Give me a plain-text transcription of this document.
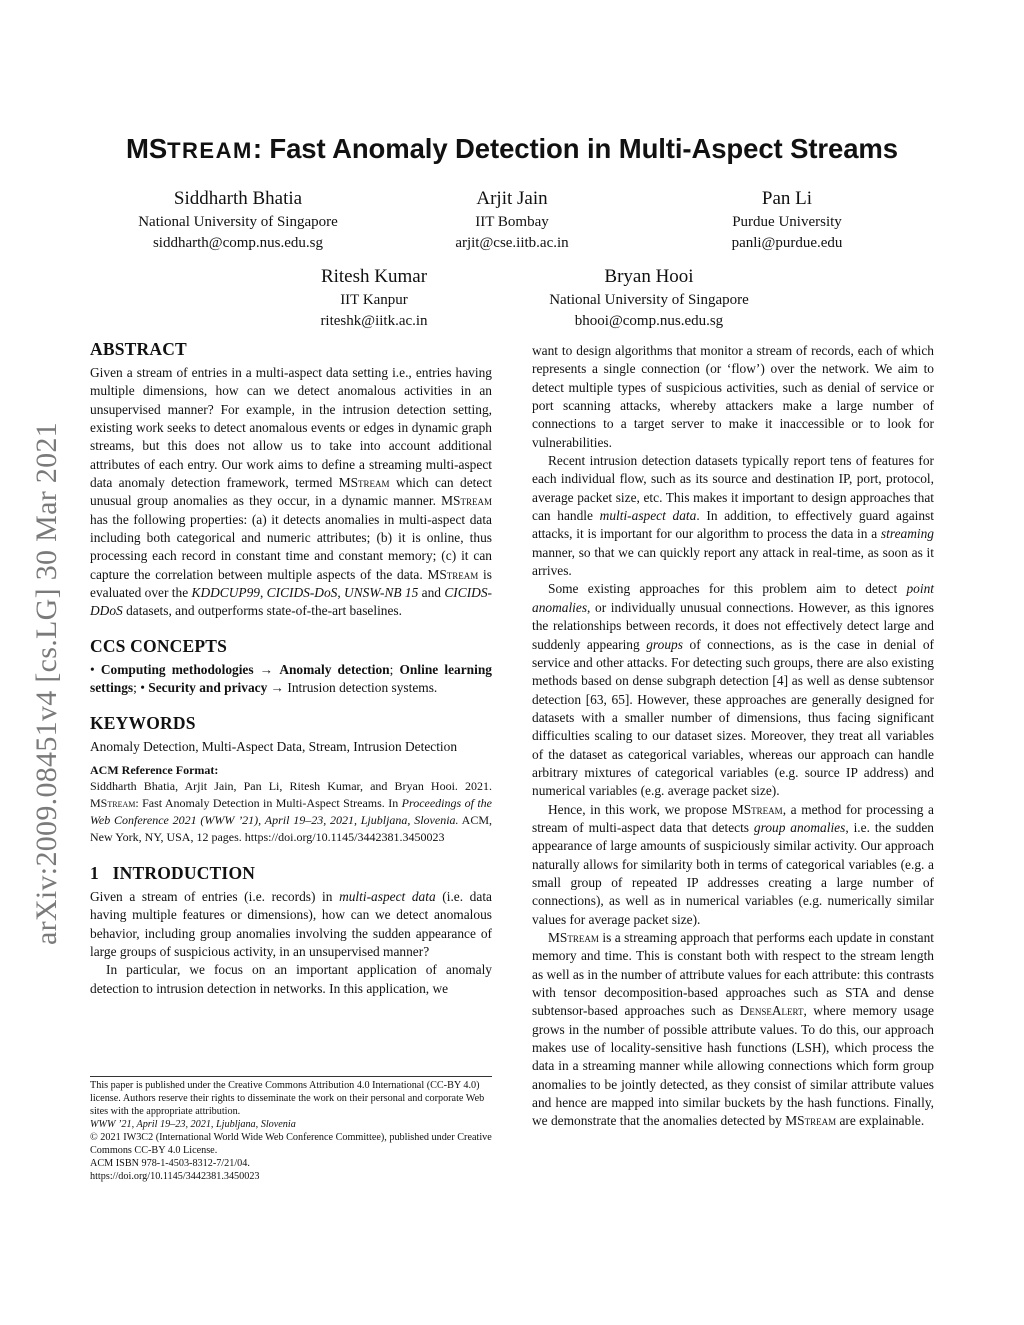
arXiv:2009.08451v4 [cs.LG] 30 Mar 2021
MSTREAM: Fast Anomaly Detection in Multi-Aspect Streams
Siddharth Bhatia
National University of Singapore
siddharth@comp.nus.edu.sg
Arjit Jain
IIT Bombay
arjit@cse.iitb.ac.in
Pan Li
Purdue University
panli@purdue.edu
Ritesh Kumar
IIT Kanpur
riteshk@iitk.ac.in
Bryan Hooi
National University of Singapore
bhooi@comp.nus.edu.sg
ABSTRACT

Given a stream of entries in a multi-aspect data setting i.e., entries having multiple dimensions, how can we detect anomalous activities in an unsupervised manner? For example, in the intrusion detection setting, existing work seeks to detect anomalous events or edges in dynamic graph streams, but this does not allow us to take into account additional attributes of each entry. Our work aims to define a streaming multi-aspect data anomaly detection framework, termed MStream which can detect unusual group anomalies as they occur, in a dynamic manner. MStream has the following properties: (a) it detects anomalies in multi-aspect data including both categorical and numeric attributes; (b) it is online, thus processing each record in constant time and constant memory; (c) it can capture the correlation between multiple aspects of the data. MStream is evaluated over the KDDCUP99, CICIDS-DoS, UNSW-NB 15 and CICIDS-DDoS datasets, and outperforms state-of-the-art baselines.

CCS CONCEPTS

• Computing methodologies → Anomaly detection; Online learning settings; • Security and privacy → Intrusion detection systems.

KEYWORDS

Anomaly Detection, Multi-Aspect Data, Stream, Intrusion Detection

ACM Reference Format:

Siddharth Bhatia, Arjit Jain, Pan Li, Ritesh Kumar, and Bryan Hooi. 2021. MStream: Fast Anomaly Detection in Multi-Aspect Streams. In Proceedings of the Web Conference 2021 (WWW ’21), April 19–23, 2021, Ljubljana, Slovenia. ACM, New York, NY, USA, 12 pages. https://doi.org/10.1145/3442381.3450023

1   INTRODUCTION

Given a stream of entries (i.e. records) in multi-aspect data (i.e. data having multiple features or dimensions), how can we detect anomalous behavior, including group anomalies involving the sudden appearance of large groups of suspicious activity, in an unsupervised manner?

In particular, we focus on an important application of anomaly detection to intrusion detection in networks. In this application, we

This paper is published under the Creative Commons Attribution 4.0 International (CC-BY 4.0) license. Authors reserve their rights to disseminate the work on their personal and corporate Web sites with the appropriate attribution.

WWW ’21, April 19–23, 2021, Ljubljana, Slovenia

© 2021 IW3C2 (International World Wide Web Conference Committee), published under Creative Commons CC-BY 4.0 License.

ACM ISBN 978-1-4503-8312-7/21/04.

https://doi.org/10.1145/3442381.3450023

want to design algorithms that monitor a stream of records, each of which represents a single connection (or ‘flow’) over the network. We aim to detect multiple types of suspicious activities, such as denial of service or port scanning attacks, whereby attackers make a large number of connections to a target server to make it inaccessible or to look for vulnerabilities.

Recent intrusion detection datasets typically report tens of features for each individual flow, such as its source and destination IP, port, protocol, average packet size, etc. This makes it important to design approaches that can handle multi-aspect data. In addition, to effectively guard against attacks, it is important for our algorithm to process the data in a streaming manner, so that we can quickly report any attack in real-time, as soon as it arrives.

Some existing approaches for this problem aim to detect point anomalies, or individually unusual connections. However, as this ignores the relationships between records, it does not effectively detect large and suddenly appearing groups of connections, as is the case in denial of service and other attacks. For detecting such groups, there are also existing methods based on dense subgraph detection [4] as well as dense subtensor detection [63, 65]. However, these approaches are generally designed for datasets with a smaller number of dimensions, thus facing significant difficulties scaling to our dataset sizes. Moreover, they treat all variables of the dataset as categorical variables, whereas our approach can handle arbitrary mixtures of categorical variables (e.g. source IP address) and numerical variables (e.g. average packet size).

Hence, in this work, we propose MStream, a method for processing a stream of multi-aspect data that detects group anomalies, i.e. the sudden appearance of large amounts of suspiciously similar activity. Our approach naturally allows for similarity both in terms of categorical variables (e.g. a small group of repeated IP addresses creating a large number of connections), as well as in numerical variables (e.g. numerically similar values for average packet size).

MStream is a streaming approach that performs each update in constant memory and time. This is constant both with respect to the stream length as well as in the number of attribute values for each attribute: this contrasts with tensor decomposition-based approaches such as STA and dense subtensor-based approaches such as DenseAlert, where memory usage grows in the number of possible attribute values. To do this, our approach makes use of locality-sensitive hash functions (LSH), which process the data in a streaming manner while allowing connections which form group anomalies to be jointly detected, as they consist of similar attribute values and hence are mapped into similar buckets by the hash functions. Finally, we demonstrate that the anomalies detected by MStream are explainable.
